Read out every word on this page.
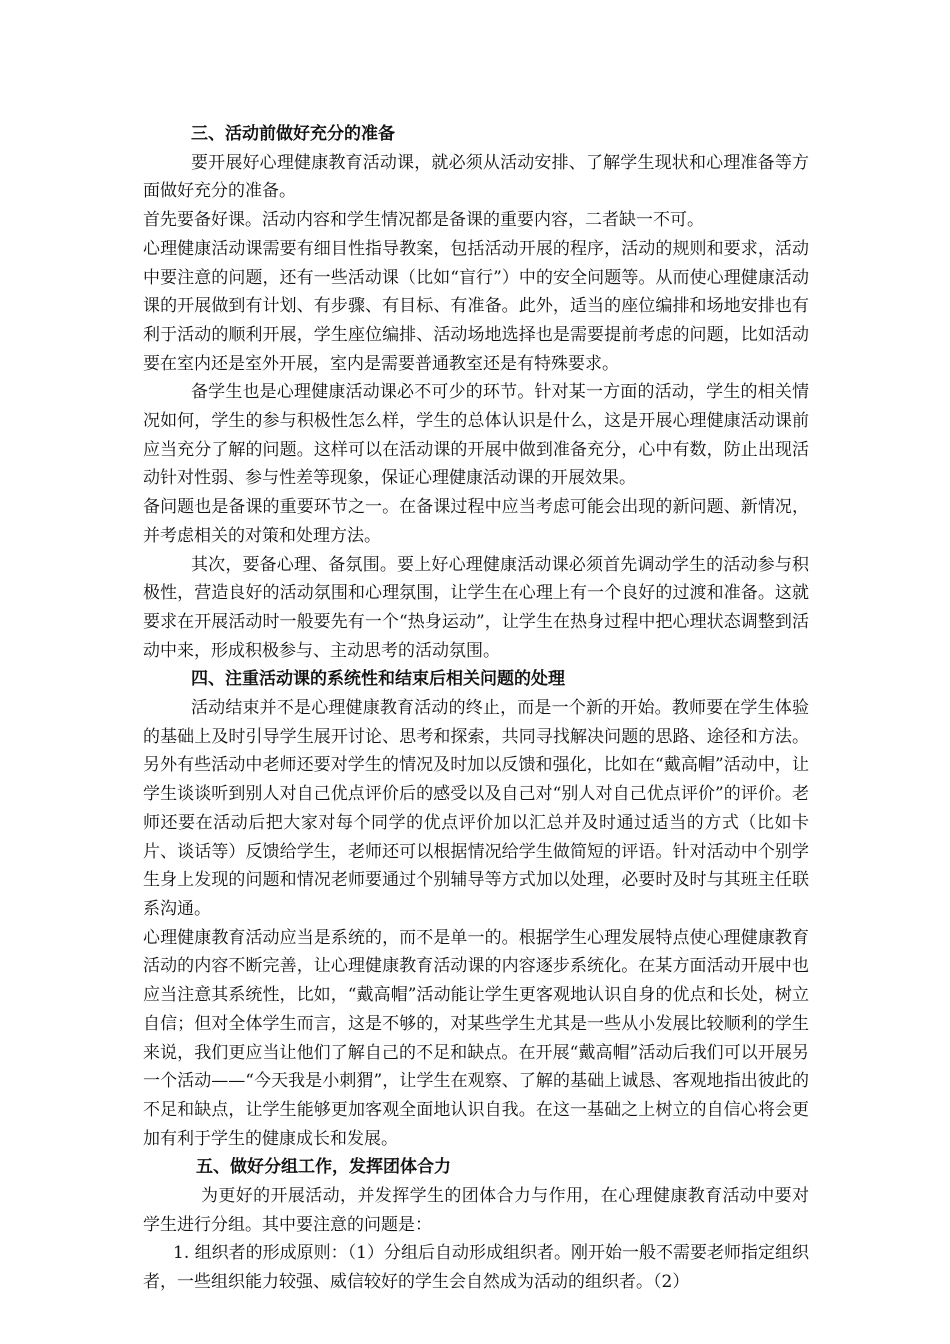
三、活动前做好充分的准备

要开展好心理健康教育活动课，就必须从活动安排、了解学生现状和心理准备等方面做好充分的准备。

首先要备好课。活动内容和学生情况都是备课的重要内容，二者缺一不可。

心理健康活动课需要有细目性指导教案，包括活动开展的程序，活动的规则和要求，活动中要注意的问题，还有一些活动课（比如“盲行”）中的安全问题等。从而使心理健康活动课的开展做到有计划、有步骤、有目标、有准备。此外，适当的座位编排和场地安排也有利于活动的顺利开展，学生座位编排、活动场地选择也是需要提前考虑的问题，比如活动要在室内还是室外开展，室内是需要普通教室还是有特殊要求。

备学生也是心理健康活动课必不可少的环节。针对某一方面的活动，学生的相关情况如何，学生的参与积极性怎么样，学生的总体认识是什么，这是开展心理健康活动课前应当充分了解的问题。这样可以在活动课的开展中做到准备充分，心中有数，防止出现活动针对性弱、参与性差等现象，保证心理健康活动课的开展效果。

备问题也是备课的重要环节之一。在备课过程中应当考虑可能会出现的新问题、新情况，并考虑相关的对策和处理方法。

其次，要备心理、备氛围。要上好心理健康活动课必须首先调动学生的活动参与积极性，营造良好的活动氛围和心理氛围，让学生在心理上有一个良好的过渡和准备。这就要求在开展活动时一般要先有一个“热身运动”，让学生在热身过程中把心理状态调整到活动中来，形成积极参与、主动思考的活动氛围。

四、注重活动课的系统性和结束后相关问题的处理

活动结束并不是心理健康教育活动的终止，而是一个新的开始。教师要在学生体验的基础上及时引导学生展开讨论、思考和探索，共同寻找解决问题的思路、途径和方法。另外有些活动中老师还要对学生的情况及时加以反馈和强化，比如在“戴高帽”活动中，让学生谈谈听到别人对自己优点评价后的感受以及自己对“别人对自己优点评价”的评价。老师还要在活动后把大家对每个同学的优点评价加以汇总并及时通过适当的方式（比如卡片、谈话等）反馈给学生，老师还可以根据情况给学生做简短的评语。针对活动中个别学生身上发现的问题和情况老师要通过个别辅导等方式加以处理，必要时及时与其班主任联系沟通。

心理健康教育活动应当是系统的，而不是单一的。根据学生心理发展特点使心理健康教育活动的内容不断完善，让心理健康教育活动课的内容逐步系统化。在某方面活动开展中也应当注意其系统性，比如，“戴高帽”活动能让学生更客观地认识自身的优点和长处，树立自信；但对全体学生而言，这是不够的，对某些学生尤其是一些从小发展比较顺利的学生来说，我们更应当让他们了解自己的不足和缺点。在开展“戴高帽”活动后我们可以开展另一个活动——“今天我是小刺猬”，让学生在观察、了解的基础上诚恳、客观地指出彼此的不足和缺点，让学生能够更加客观全面地认识自我。在这一基础之上树立的自信心将会更加有利于学生的健康成长和发展。

五、做好分组工作，发挥团体合力

为更好的开展活动，并发挥学生的团体合力与作用，在心理健康教育活动中要对学生进行分组。其中要注意的问题是：

1. 组织者的形成原则：（1）分组后自动形成组织者。刚开始一般不需要老师指定组织者，一些组织能力较强、威信较好的学生会自然成为活动的组织者。（2）
